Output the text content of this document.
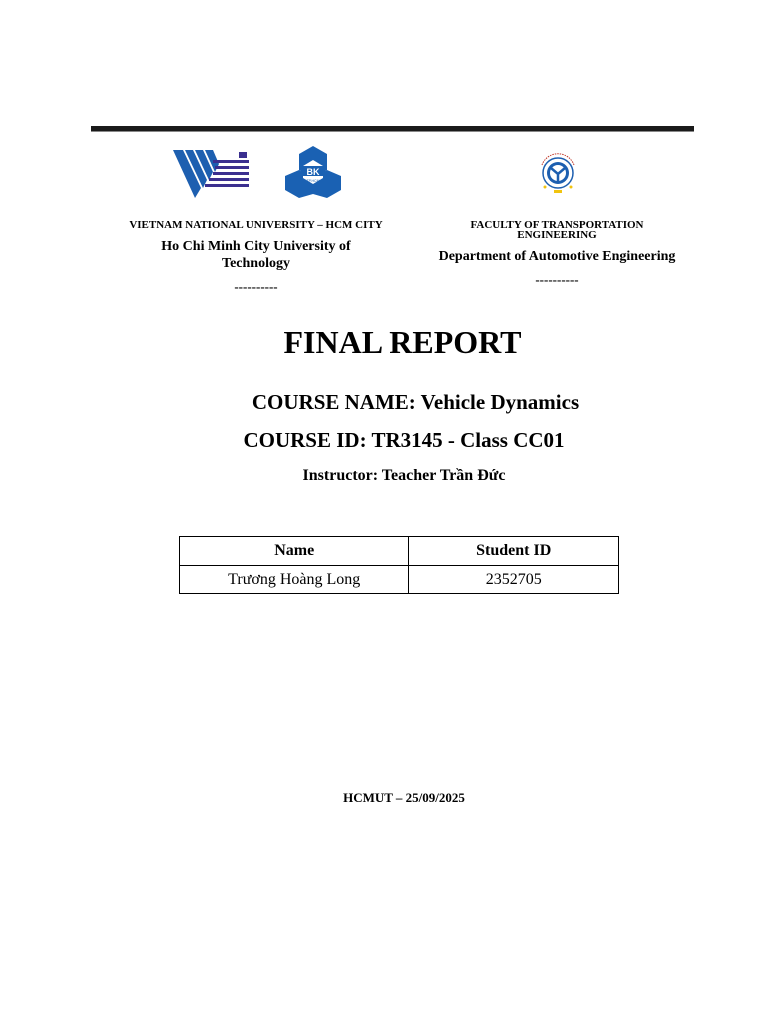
BK
TP.HCM
VIETNAM NATIONAL UNIVERSITY – HCM CITY
Ho Chi Minh City University of Technology
----------
FACULTY OF TRANSPORTATION ENGINEERING
Department of Automotive Engineering
----------
FINAL REPORT
COURSE NAME: Vehicle Dynamics
COURSE ID: TR3145 - Class CC01
Instructor: Teacher Trần Đức
Name	Student ID
Trương Hoàng Long	2352705
HCMUT – 25/09/2025
